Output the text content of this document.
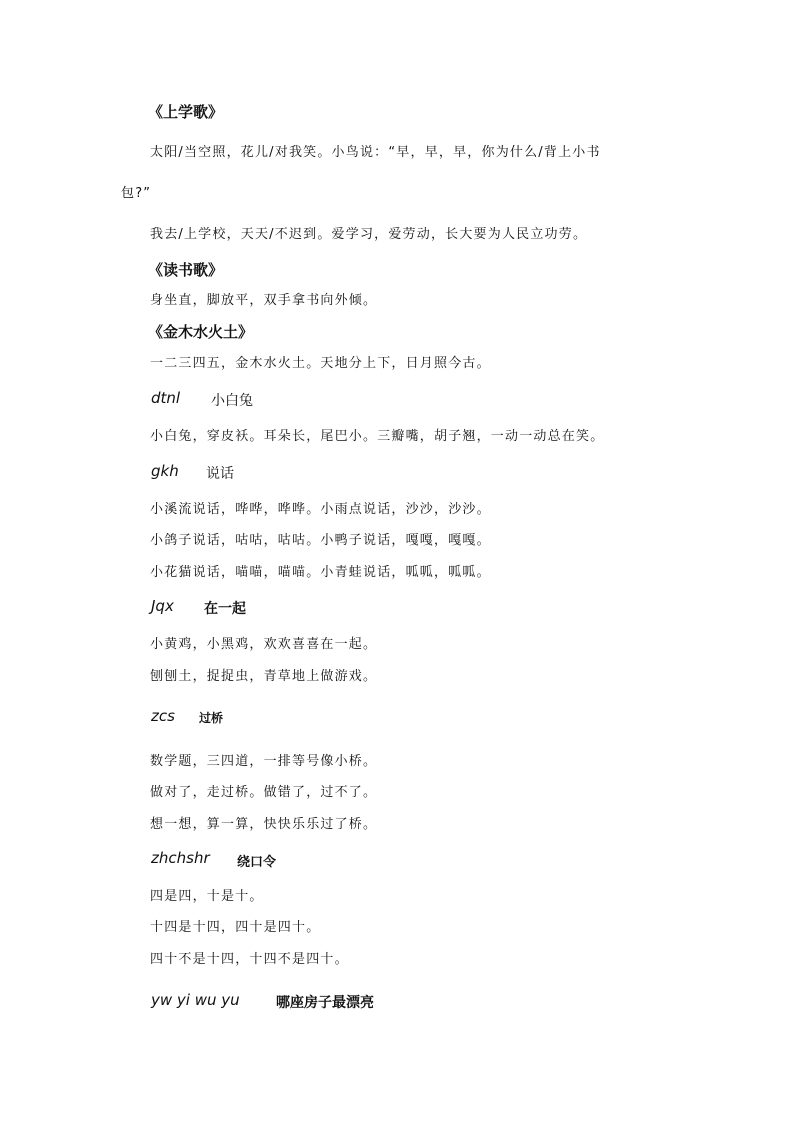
《上学歌》
太阳/当空照，花儿/对我笑。小鸟说：“早，早，早，你为什么/背上小书
包?”
我去/上学校，天天/不迟到。爱学习，爱劳动，长大要为人民立功劳。
《读书歌》
身坐直，脚放平，双手拿书向外倾。
《金木水火土》
一二三四五，金木水火土。天地分上下，日月照今古。
dtnl 小白兔
小白兔，穿皮袄。耳朵长，尾巴小。三瓣嘴，胡子翘，一动一动总在笑。
gkh 说话
小溪流说话，哗哗，哗哗。小雨点说话，沙沙，沙沙。
小鸽子说话，咕咕，咕咕。小鸭子说话，嘎嘎，嘎嘎。
小花猫说话，喵喵，喵喵。小青蛙说话，呱呱，呱呱。
Jqx 在一起
小黄鸡，小黑鸡，欢欢喜喜在一起。
刨刨土，捉捉虫，青草地上做游戏。
zcs 过桥
数学题，三四道，一排等号像小桥。
做对了，走过桥。做错了，过不了。
想一想，算一算，快快乐乐过了桥。
zhchshr 绕口令
四是四，十是十。
十四是十四，四十是四十。
四十不是十四，十四不是四十。
yw yi wu yu	哪座房子最漂亮
